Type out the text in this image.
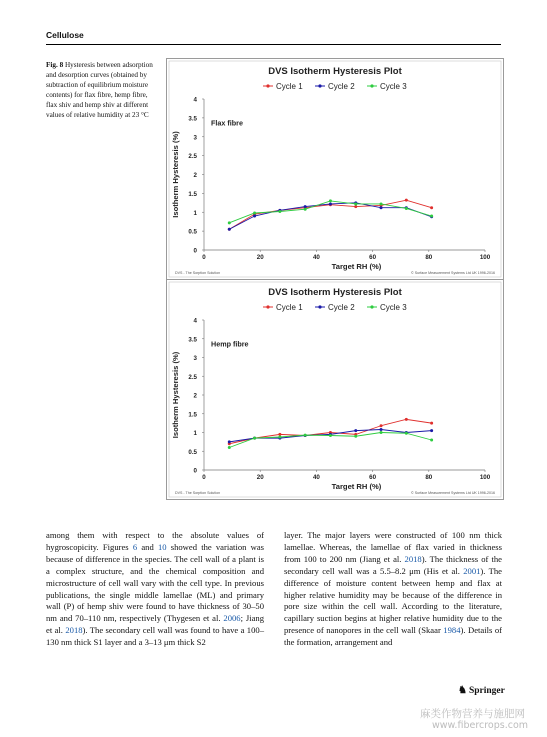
Cellulose
Fig. 8 Hysteresis between adsorption and desorption curves (obtained by subtraction of equilibrium moisture contents) for flax fibre, hemp fibre, flax shiv and hemp shiv at different values of relative humidity at 23 °C
DVS Isotherm Hysteresis Plot
Cycle 1	Cycle 2	Cycle 3
0
0.5
1
1.5
2
2.5
3
3.5
4
0	20	40	60	80	100
Target RH (%)
Isotherm Hysteresis (%)
Flax fibre
DVS - The Sorption Solution	© Surface Measurement Systems Ltd UK 1996-2016
DVS Isotherm Hysteresis Plot
Cycle 1	Cycle 2	Cycle 3
0
0.5
1
1.5
2
2.5
3
3.5
4
0	20	40	60	80	100
Target RH (%)
Isotherm Hysteresis (%)
Hemp fibre
DVS - The Sorption Solution	© Surface Measurement Systems Ltd UK 1996-2016
among them with respect to the absolute values of hygroscopicity. Figures 6 and 10 showed the variation was because of difference in the species. The cell wall of a plant is a complex structure, and the chemical composition and microstructure of cell wall vary with the cell type. In previous publications, the single middle lamellae (ML) and primary wall (P) of hemp shiv were found to have thickness of 30–50 nm and 70–110 nm, respectively (Thygesen et al. 2006; Jiang et al. 2018). The secondary cell wall was found to have a 100–130 nm thick S1 layer and a 3–13 μm thick S2
layer. The major layers were constructed of 100 nm thick lamellae. Whereas, the lamellae of flax varied in thickness from 100 to 200 nm (Jiang et al. 2018). The thickness of the secondary cell wall was a 5.5–8.2 μm (His et al. 2001). The difference of moisture content between hemp and flax at higher relative humidity may be because of the difference in pore size within the cell wall. According to the literature, capillary suction begins at higher relative humidity due to the presence of nanopores in the cell wall (Skaar 1984). Details of the formation, arrangement and
♞ Springer
麻类作物营养与施肥网
www.fibercrops.com
